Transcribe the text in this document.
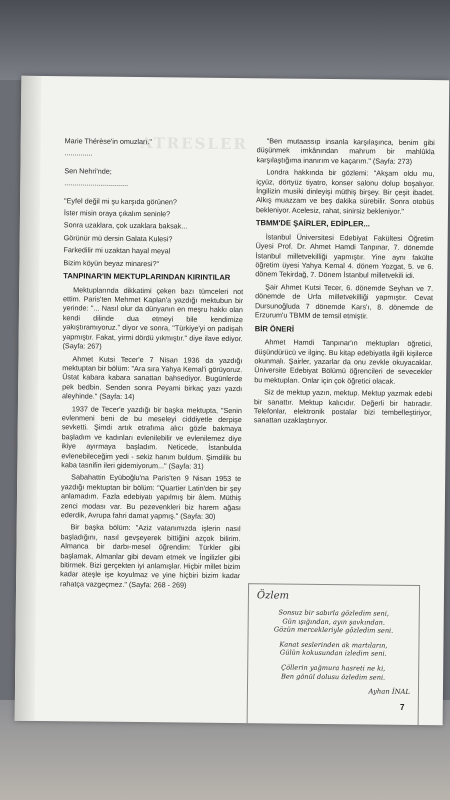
ATRESLER

Marie Thérèse'in omuzları."

..............

Sen Nehri'nde;

................................

"Eyfel değil mi şu karşıda görünen?

İster misin oraya çıkalım seninle?

Sonra uzaklara, çok uzaklara baksak...

Görünür mü dersin Galata Kulesi?

Farkedilir mi uzaktan hayal meyal

Bizim köyün beyaz minaresi?"

TANPINAR'IN MEKTUPLARINDAN KIRINTILAR

Mektuplarında dikkatimi çeken bazı tümceleri not ettim. Paris'ten Mehmet Kaplan'a yazdığı mektubun bir yerinde: "... Nasıl olur da dünyanın en meşru hakkı olan kendi dilinde dua etmeyi bile kendimize yakıştıramıyoruz." diyor ve sonra, "Türkiye'yi on padişah yapmıştır. Fakat, yirmi dördü yıkmıştır." diye ilave ediyor. (Sayfa: 267)

Ahmet Kutsi Tecer'e 7 Nisan 1936 da yazdığı mektuptan bir bölüm: "Ara sıra Yahya Kemal'i görüyoruz. Üstat kabara kabara sanattan bahsediyor. Bugünlerde pek bedbin. Senden sonra Peyami birkaç yazı yazdı aleyhinde." (Sayfa: 14)

1937 de Tecer'e yazdığı bir başka mektupta, "Senin evlenmeni beni de bu meseleyi ciddiyetle derpişe sevketti. Şimdi artık etrafıma alıcı gözle bakmaya başladım ve kadınları evlenilebilir ve evlenilemez diye ikiye ayırmaya başladım. Neticede, İstanbulda evlenebileceğim yedi - sekiz hanım buldum. Şimdilik bu kaba tasnifin ileri gidemiyorum..." (Sayfa: 31)

Sabahattin Eyüboğlu'na Paris'ten 9 Nisan 1953 te yazdığı mektuptan bir bölüm: "Quartier Latin'den bir şey anlamadım. Fazla edebiyatı yapılmış bir âlem. Müthiş zenci modası var. Bu pezevenkleri biz harem ağası ederdik, Avrupa fahri damat yapmış." (Sayfa: 30)

Bir başka bölüm: "Aziz vatanımızda işlerin nasıl başladığını, nasıl gevşeyerek bittiğini azçok bilirim. Almanca bir darbı-mesel öğrendim: Türkler gibi başlamak, Almanlar gibi devam etmek ve İngilizler gibi bitirmek. Bizi gerçekten iyi anlamışlar. Hiçbir millet bizim kadar ateşle işe koyulmaz ve yine hiçbiri bizim kadar rahatça vazgeçmez." (Sayfa: 268 - 269)

"Ben mutaassıp insanla karşılaşınca, benim gibi düşünmek imkânından mahrum bir mahlûkla karşılaştığıma inanırım ve kaçarım." (Sayfa: 273)

Londra hakkında bir gözlemi: "Akşam oldu mu, içyüz, dörtyüz tiyatro, konser salonu dolup boşalıyor. İngilizin musiki dinleyişi müthiş birşey. Bir çeşit ibadet. Alkış muazzam ve beş dakika sürebilir. Sonra otobüs bekleniyor. Acelesiz, rahat, sinirsiz bekleniyor."

TBMM'DE ŞAİRLER, EDİPLER...

İstanbul Üniversitesi Edebiyat Fakültesi Öğretim Üyesi Prof. Dr. Ahmet Hamdi Tanpınar, 7. dönemde İstanbul milletvekilliği yapmıştır. Yine aynı fakülte öğretim üyesi Yahya Kemal 4. dönem Yozgat, 5. ve 6. dönem Tekirdağ, 7. Dönem İstanbul milletvekili idi.

Şair Ahmet Kutsi Tecer, 6. dönemde Seyhan ve 7. dönemde de Urfa milletvekilliği yapmıştır. Cevat Dursunoğluda 7 dönemde Kars'ı, 8. dönemde de Erzurum'u TBMM de temsil etmiştir.

BİR ÖNERİ

Ahmet Hamdi Tanpınar'ın mektupları öğretici, düşündürücü ve ilginç. Bu kitap edebiyatla ilgili kişilerce okunmalı. Şairler, yazarlar da onu zevkle okuyacaklar. Üniversite Edebiyat Bölümü öğrencileri de sevecekler bu mektupları. Onlar için çok öğretici olacak.

Siz de mektup yazın, mektup. Mektup yazmak edebi bir sanattır. Mektup kalıcıdır. Değerli bir hatıradır. Telefonlar, elektronik postalar bizi tembelleştiriyor, sanattan uzaklaştırıyor.

Özlem
Sonsuz bir sabırla gözledim seni,
Gün ışığından, ayın şavkından.
Gözün mercekleriyle gözledim seni.
Kanat seslerinden ak martıların,
Gülün kokusundan izledim seni.
Çöllerin yağmura hasreti ne ki,
Ben gönül dolusu özledim seni.
Ayhan İNAL
7
